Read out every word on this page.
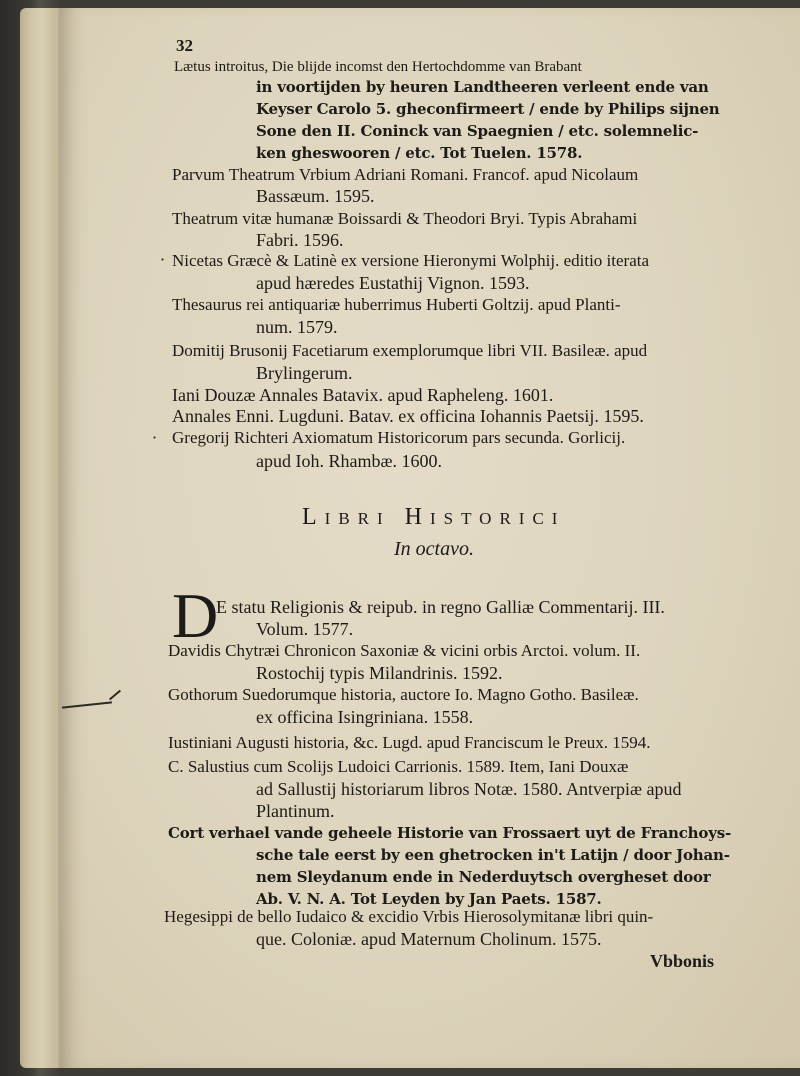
32
Lætus introitus, Die blijde incomst den Hertochdomme van Brabant
in voortijden by heuren Landtheeren verleent ende van
Keyser Carolo 5. gheconfirmeert / ende by Philips sijnen
Sone den II. Coninck van Spaegnien / etc. solemnelic-
ken gheswooren / etc. Tot Tuelen. 1578.
Parvum Theatrum Vrbium Adriani Romani. Francof. apud Nicolaum
Bassæum. 1595.
Theatrum vitæ humanæ Boissardi & Theodori Bryi. Typis Abrahami
Fabri. 1596.
· Nicetas Græcè & Latinè ex versione Hieronymi Wolphij. editio iterata
apud hæredes Eustathij Vignon. 1593.
Thesaurus rei antiquariæ huberrimus Huberti Goltzij. apud Planti-
num. 1579.
Domitij Brusonij Facetiarum exemplorumque libri VII. Basileæ. apud
Brylingerum.
Iani Douzæ Annales Batavix. apud Rapheleng. 1601.
Annales Enni. Lugduni. Batav. ex officina Iohannis Paetsij. 1595.
· Gregorij Richteri Axiomatum Historicorum pars secunda. Gorlicij.
apud Ioh. Rhambæ. 1600.
Libri Historici
In octavo.
D
E statu Religionis & reipub. in regno Galliæ Commentarij. III.
Volum. 1577.
Davidis Chytræi Chronicon Saxoniæ & vicini orbis Arctoi. volum. II.
Rostochij typis Milandrinis. 1592.
Gothorum Suedorumque historia, auctore Io. Magno Gotho. Basileæ.
ex officina Isingriniana. 1558.
Iustiniani Augusti historia, &c. Lugd. apud Franciscum le Preux. 1594.
C. Salustius cum Scolijs Ludoici Carrionis. 1589. Item, Iani Douxæ
ad Sallustij historiarum libros Notæ. 1580. Antverpiæ apud
Plantinum.
Cort verhael vande geheele Historie van Frossaert uyt de Franchoys-
sche tale eerst by een ghetrocken in't Latijn / door Johan-
nem Sleydanum ende in Nederduytsch overgheset door
Ab. V. N. A. Tot Leyden by Jan Paets. 1587.
Hegesippi de bello Iudaico & excidio Vrbis Hierosolymitanæ libri quin-
que. Coloniæ. apud Maternum Cholinum. 1575.
Vbbonis
